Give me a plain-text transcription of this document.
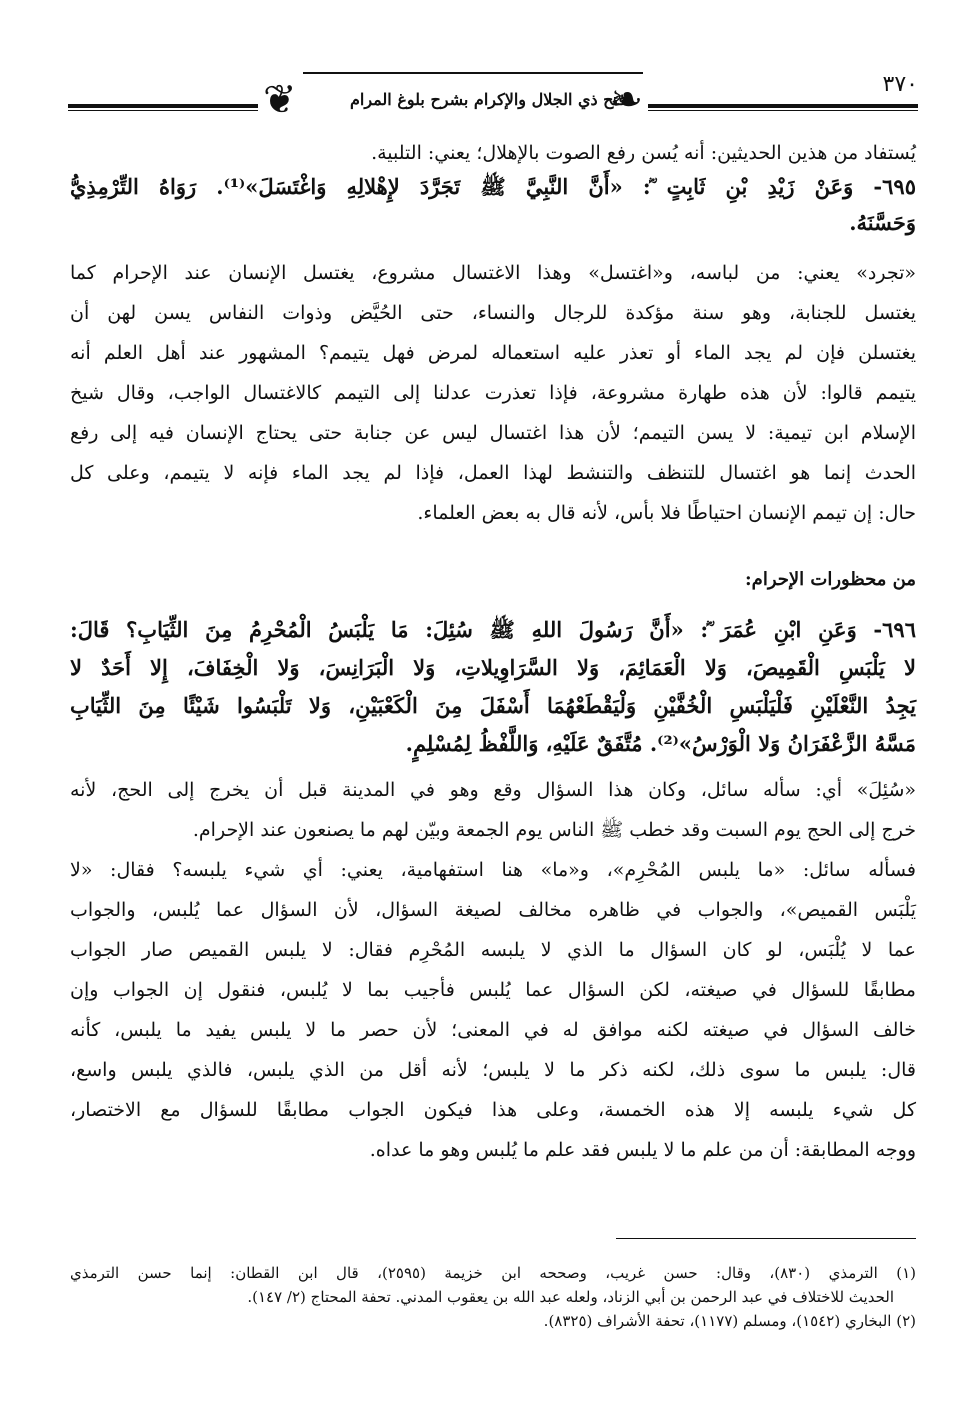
❦	❧	٣٧٠
فتح ذي الجلال والإكرام بشرح بلوغ المرام
يُستفاد من هذين الحديثين: أنه يُسن رفع الصوت بالإهلال؛ يعني: التلبية.
٦٩٥- وَعَنْ زَيْدِ بْنِ ثَابِتٍ ؓ: «أَنَّ النَّبِيَّ ﷺ تَجَرَّدَ لإِهْلالِهِ وَاغْتَسَلَ»⁽¹⁾. رَوَاهُ التِّرْمِذِيُّ
وَحَسَّنَهُ.
«تجرد» يعني: من لباسه، و«اغتسل» وهذا الاغتسال مشروع، يغتسل الإنسان عند الإحرام كما
يغتسل للجنابة، وهو سنة مؤكدة للرجال والنساء، حتى الحُيَّض وذوات النفاس يسن لهن أن
يغتسلن فإن لم يجد الماء أو تعذر عليه استعماله لمرض فهل يتيمم؟ المشهور عند أهل العلم أنه
يتيمم قالوا: لأن هذه طهارة مشروعة، فإذا تعذرت عدلنا إلى التيمم كالاغتسال الواجب، وقال شيخ
الإسلام ابن تيمية: لا يسن التيمم؛ لأن هذا اغتسال ليس عن جنابة حتى يحتاج الإنسان فيه إلى رفع
الحدث إنما هو اغتسال للتنظف والتنشط لهذا العمل، فإذا لم يجد الماء فإنه لا يتيمم، وعلى كل
حال: إن تيمم الإنسان احتياطًا فلا بأس، لأنه قال به بعض العلماء.
من محظورات الإحرام:
٦٩٦- وَعَنِ ابْنِ عُمَرَ ؓ: «أَنَّ رَسُولَ اللهِ ﷺ سُئِلَ: مَا يَلْبَسُ الْمُحْرِمُ مِنَ الثِّيَابِ؟ قَالَ:
لا يَلْبَسِ الْقَمِيصَ، وَلا الْعَمَائِمَ، وَلا السَّرَاوِيلاتِ، وَلا الْبَرَانِسَ، وَلا الْخِفَافَ، إِلا أَحَدٌ لا
يَجِدُ النَّعْلَيْنِ فَلْيَلْبَسِ الْخُفَّيْنِ وَلْيَقْطَعْهُمَا أَسْفَلَ مِنَ الْكَعْبَيْنِ، وَلا تَلْبَسُوا شَيْئًا مِنَ الثِّيَابِ
مَسَّهُ الزَّعْفَرَانُ وَلا الْوَرْسُ»⁽²⁾. مُتَّفَقٌ عَلَيْهِ، وَاللَّفْظُ لِمُسْلِمٍ.
«سُئِلَ» أي: سأله سائل، وكان هذا السؤال وقع وهو في المدينة قبل أن يخرج إلى الحج، لأنه
خرج إلى الحج يوم السبت وقد خطب ﷺ الناس يوم الجمعة وبيّن لهم ما يصنعون عند الإحرام.
فسأله سائل: «ما يلبس المُحْرِم»، و«ما» هنا استفهامية، يعني: أي شيء يلبسه؟ فقال: «لا
يَلْبَس القميص»، والجواب في ظاهره مخالف لصيغة السؤال، لأن السؤال عما يُلبس، والجواب
عما لا يُلْبَس، لو كان السؤال ما الذي لا يلبسه المُحْرِم فقال: لا يلبس القميص صار الجواب
مطابقًا للسؤال في صيغته، لكن السؤال عما يُلبس فأجيب بما لا يُلبس، فنقول إن الجواب وإن
خالف السؤال في صيغته لكنه موافق له في المعنى؛ لأن حصر ما لا يلبس يفيد ما يلبس، كأنه
قال: يلبس ما سوى ذلك، لكنه ذكر ما لا يلبس؛ لأنه أقل من الذي يلبس، فالذي يلبس واسع،
كل شيء يلبسه إلا هذه الخمسة، وعلى هذا فيكون الجواب مطابقًا للسؤال مع الاختصار،
ووجه المطابقة: أن من علم ما لا يلبس فقد علم ما يُلبس وهو ما عداه.
(١) الترمذي (٨٣٠)، وقال: حسن غريب، وصححه ابن خزيمة (٢٥٩٥)، قال ابن القطان: إنما حسن الترمذي
الحديث للاختلاف في عبد الرحمن بن أبي الزناد، ولعله عبد الله بن يعقوب المدني. تحفة المحتاج (٢/ ١٤٧).
(٢) البخاري (١٥٤٢)، ومسلم (١١٧٧)، تحفة الأشراف (٨٣٢٥).
